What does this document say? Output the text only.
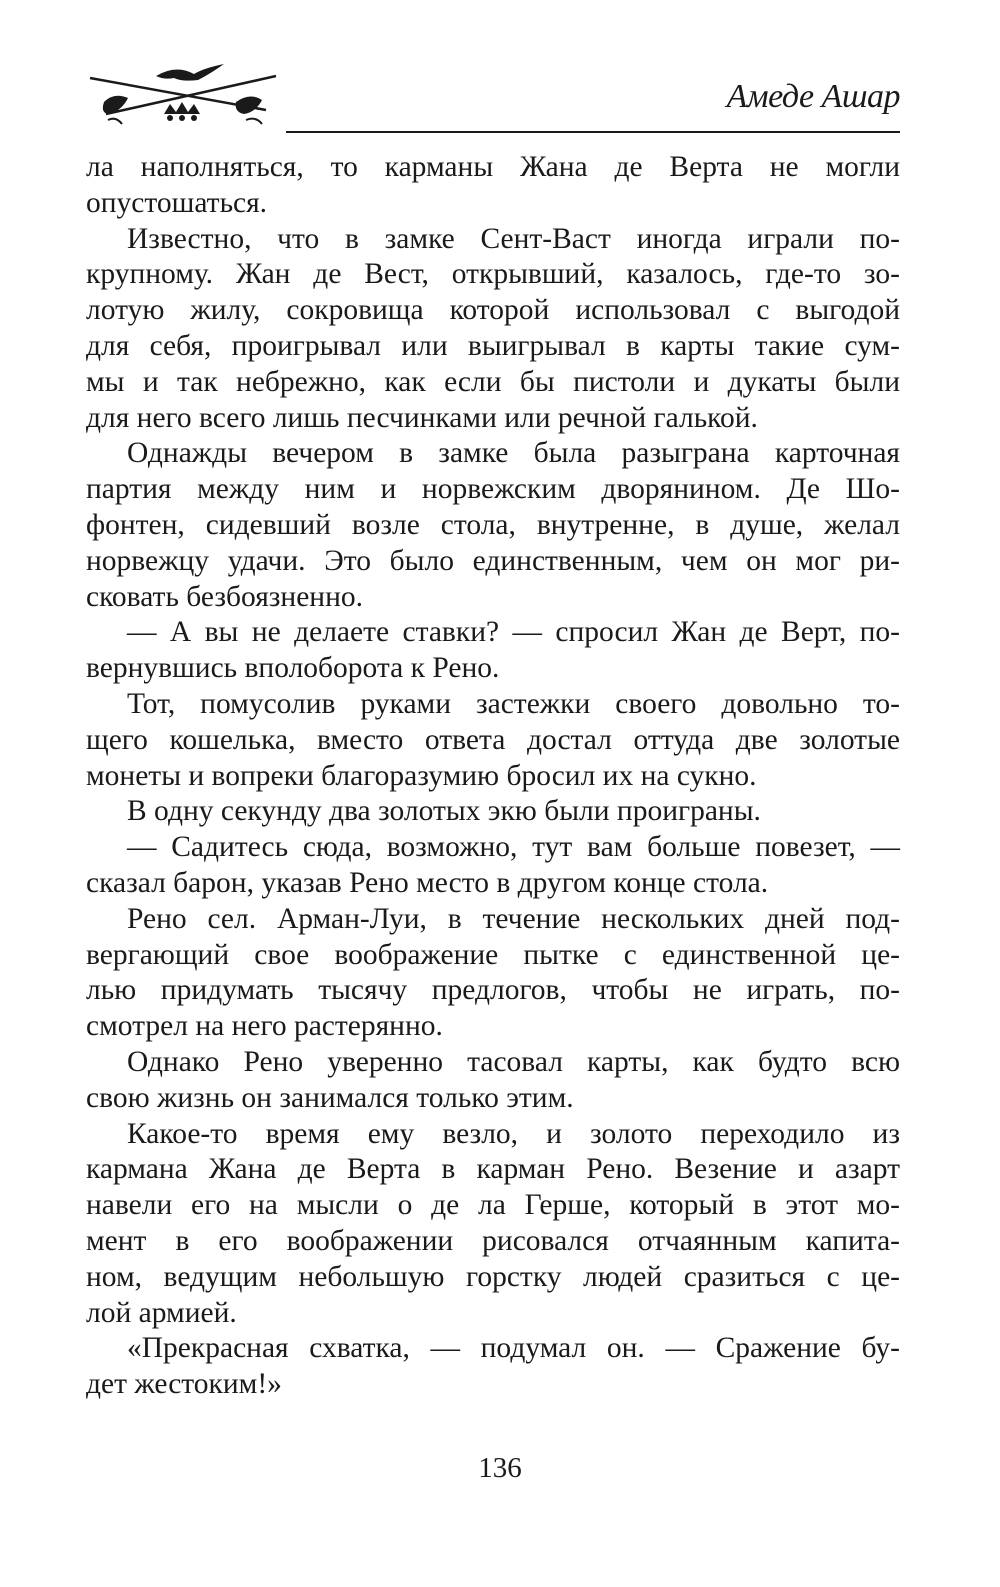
Амеде Ашар
ла наполняться, то карманы Жана де Верта не могли
опустошаться.
Известно, что в замке Сент-Васт иногда играли по-
крупному. Жан де Вест, открывший, казалось, где-то зо-
лотую жилу, сокровища которой использовал с выгодой
для себя, проигрывал или выигрывал в карты такие сум-
мы и так небрежно, как если бы пистоли и дукаты были
для него всего лишь песчинками или речной галькой.
Однажды вечером в замке была разыграна карточная
партия между ним и норвежским дворянином. Де Шо-
фонтен, сидевший возле стола, внутренне, в душе, желал
норвежцу удачи. Это было единственным, чем он мог ри-
сковать безбоязненно.
— А вы не делаете ставки? — спросил Жан де Верт, по-
вернувшись вполоборота к Рено.
Тот, помусолив руками застежки своего довольно то-
щего кошелька, вместо ответа достал оттуда две золотые
монеты и вопреки благоразумию бросил их на сукно.
В одну секунду два золотых экю были проиграны.
— Садитесь сюда, возможно, тут вам больше повезет, —
сказал барон, указав Рено место в другом конце стола.
Рено сел. Арман-Луи, в течение нескольких дней под-
вергающий свое воображение пытке с единственной це-
лью придумать тысячу предлогов, чтобы не играть, по-
смотрел на него растерянно.
Однако Рено уверенно тасовал карты, как будто всю
свою жизнь он занимался только этим.
Какое-то время ему везло, и золото переходило из
кармана Жана де Верта в карман Рено. Везение и азарт
навели его на мысли о де ла Герше, который в этот мо-
мент в его воображении рисовался отчаянным капита-
ном, ведущим небольшую горстку людей сразиться с це-
лой армией.
«Прекрасная схватка, — подумал он. — Сражение бу-
дет жестоким!»
136
